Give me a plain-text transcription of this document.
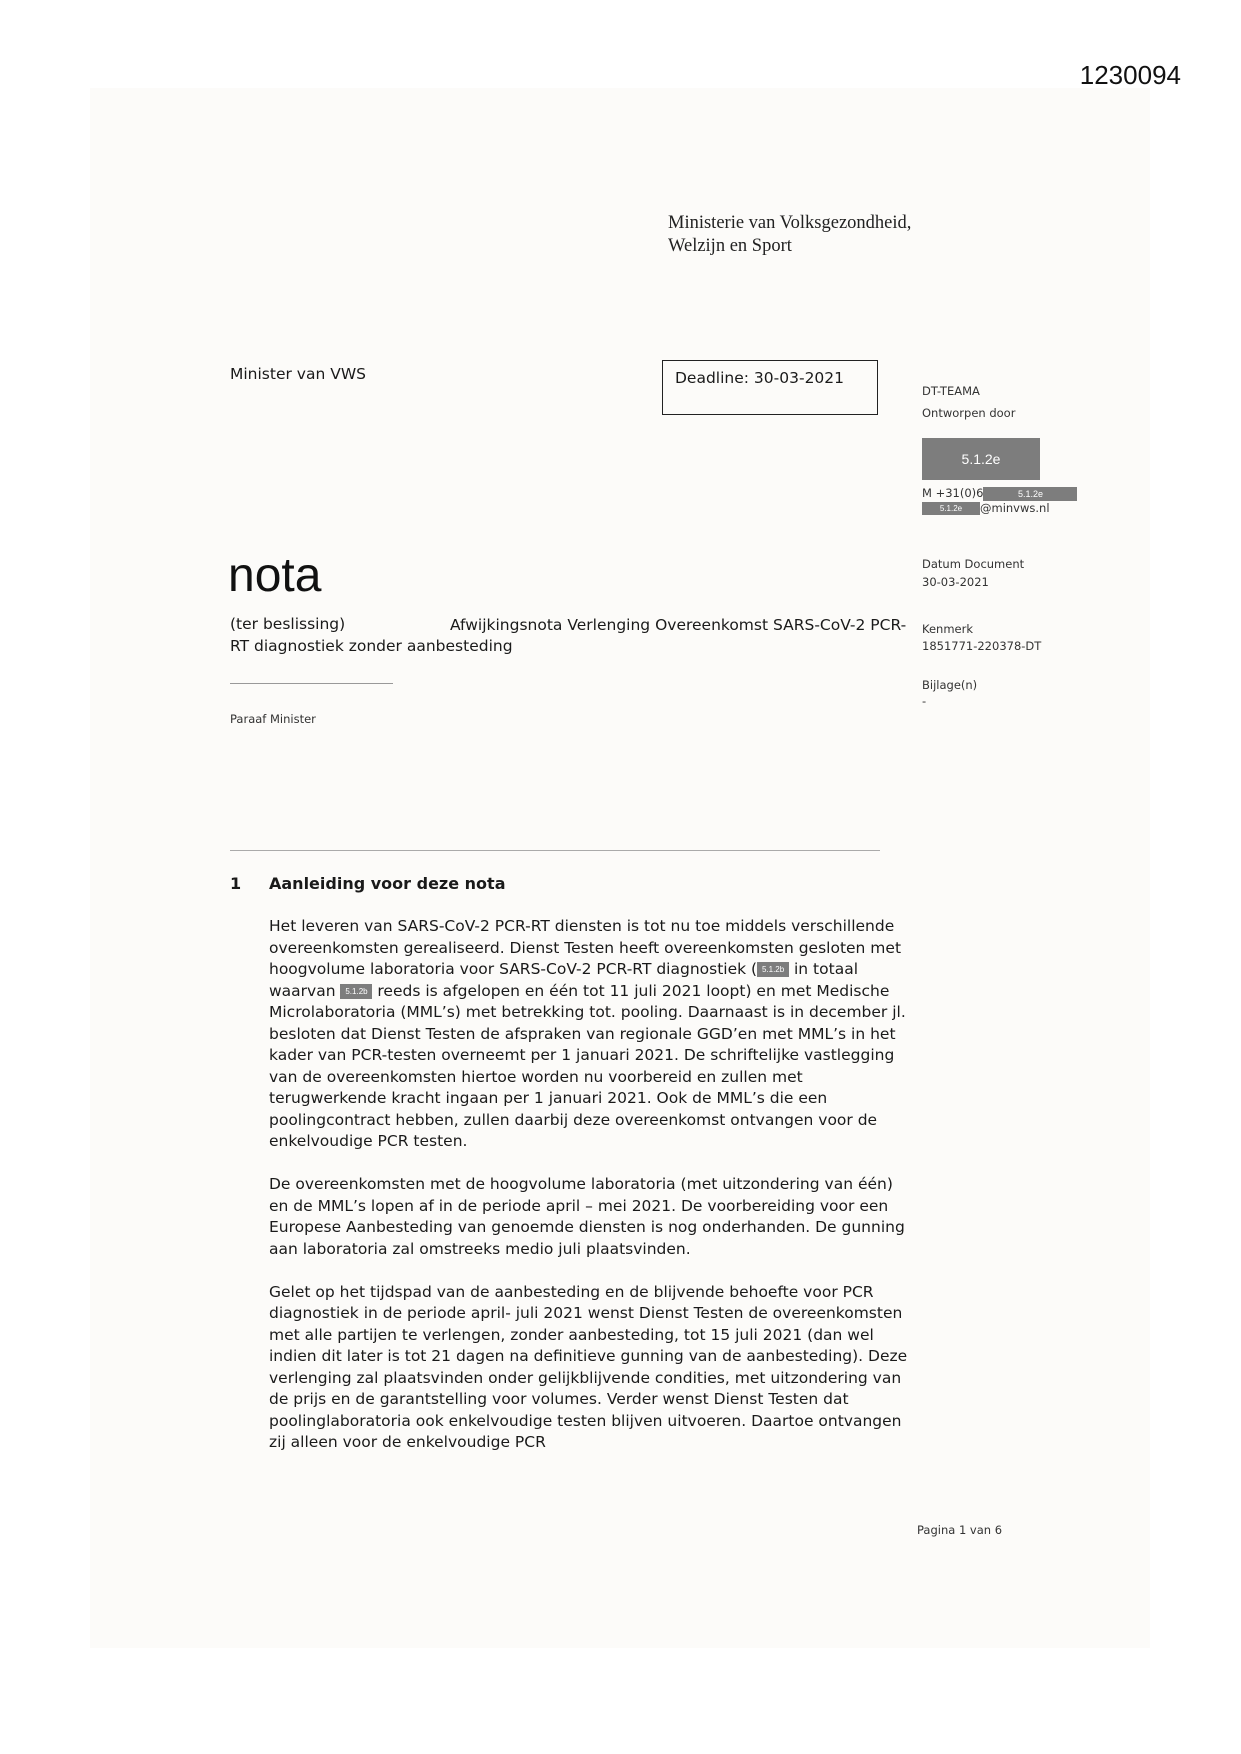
1230094
Ministerie van Volksgezondheid,
Welzijn en Sport
Minister van VWS	Deadline: 30-03-2021
DT-TEAMA
Ontworpen door
5.1.2e
M +31(0)6	5.1.2e
5.1.2e @minvws.nl
Datum Document
30-03-2021
Kenmerk
1851771-220378-DT
Bijlage(n)
-
nota
(ter beslissing)	Afwijkingsnota Verlenging Overeenkomst SARS-CoV-2 PCR-RT diagnostiek zonder aanbesteding
Paraaf Minister
1 Aanleiding voor deze nota

Het leveren van SARS-CoV-2 PCR-RT diensten is tot nu toe middels verschillende overeenkomsten gerealiseerd. Dienst Testen heeft overeenkomsten gesloten met hoogvolume laboratoria voor SARS-CoV-2 PCR-RT diagnostiek ( 5.1.2b in totaal waarvan 5.1.2b reeds is afgelopen en één tot 11 juli 2021 loopt) en met Medische Microlaboratoria (MML’s) met betrekking tot. pooling. Daarnaast is in december jl. besloten dat Dienst Testen de afspraken van regionale GGD’en met MML’s in het kader van PCR-testen overneemt per 1 januari 2021. De schriftelijke vastlegging van de overeenkomsten hiertoe worden nu voorbereid en zullen met terugwerkende kracht ingaan per 1 januari 2021. Ook de MML’s die een poolingcontract hebben, zullen daarbij deze overeenkomst ontvangen voor de enkelvoudige PCR testen.

De overeenkomsten met de hoogvolume laboratoria (met uitzondering van één) en de MML’s lopen af in de periode april – mei 2021. De voorbereiding voor een Europese Aanbesteding van genoemde diensten is nog onderhanden. De gunning aan laboratoria zal omstreeks medio juli plaatsvinden.

Gelet op het tijdspad van de aanbesteding en de blijvende behoefte voor PCR diagnostiek in de periode april- juli 2021 wenst Dienst Testen de overeenkomsten met alle partijen te verlengen, zonder aanbesteding, tot 15 juli 2021 (dan wel indien dit later is tot 21 dagen na definitieve gunning van de aanbesteding). Deze verlenging zal plaatsvinden onder gelijkblijvende condities, met uitzondering van de prijs en de garantstelling voor volumes. Verder wenst Dienst Testen dat poolinglaboratoria ook enkelvoudige testen blijven uitvoeren. Daartoe ontvangen zij alleen voor de enkelvoudige PCR

Pagina 1 van 6
